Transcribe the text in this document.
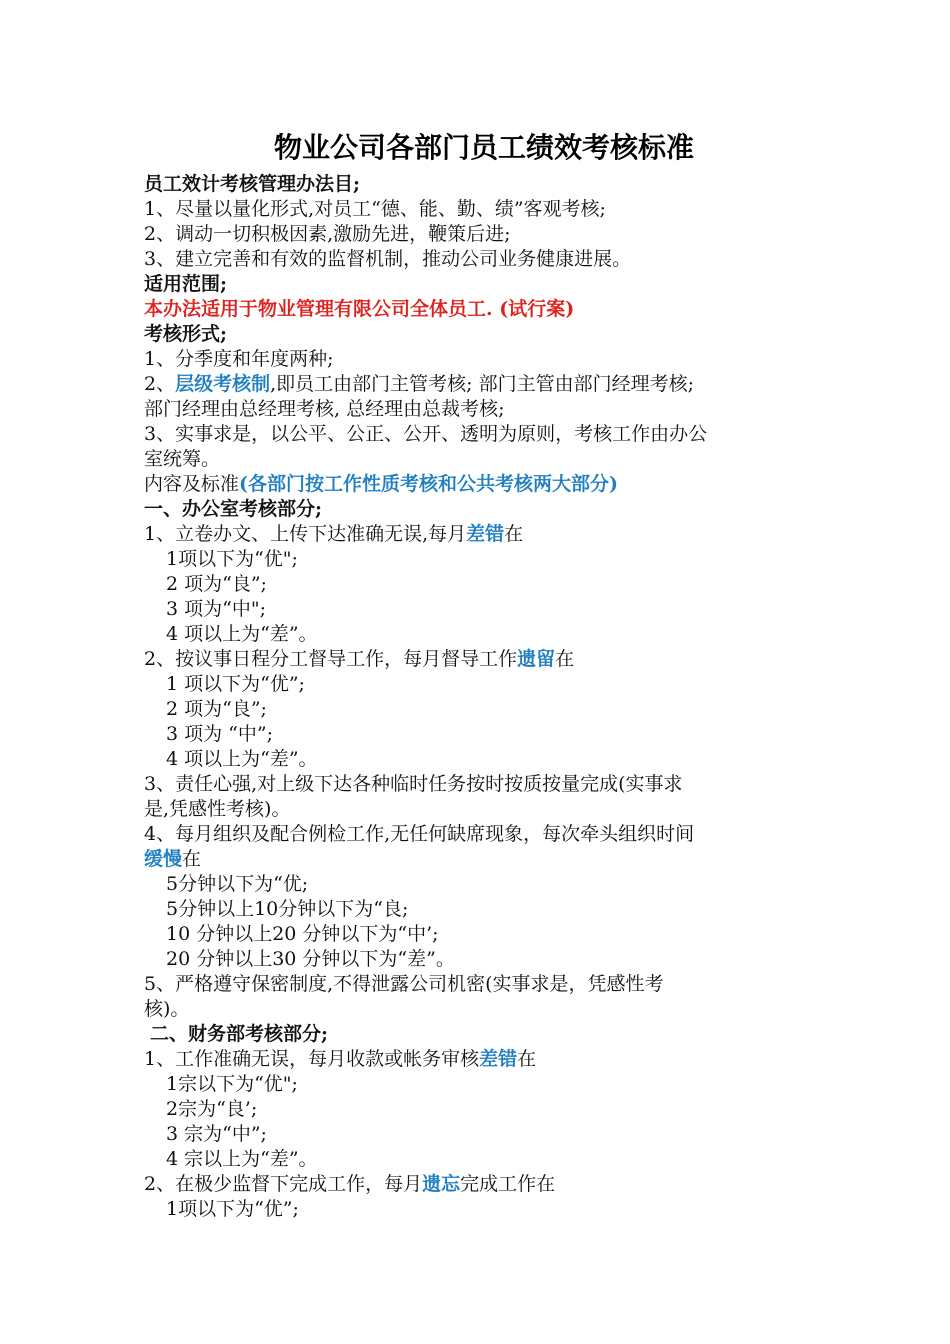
物业公司各部门员工绩效考核标准
员工效计考核管理办法目;
1、尽量以量化形式,对员工“德、能、勤、绩”客观考核;
2、调动一切积极因素,激励先进，鞭策后进;
3、建立完善和有效的监督机制，推动公司业务健康进展。
适用范围;
本办法适用于物业管理有限公司全体员工. (试行案)
考核形式;
1、分季度和年度两种;
2、层级考核制,即员工由部门主管考核; 部门主管由部门经理考核;
部门经理由总经理考核, 总经理由总裁考核;
3、实事求是，以公平、公正、公开、透明为原则，考核工作由办公
室统筹。
内容及标准(各部门按工作性质考核和公共考核两大部分)
一、办公室考核部分;
1、立卷办文、上传下达准确无误,每月差错在
1项以下为“优";
2 项为“良”;
3 项为“中";
4 项以上为“差”。
2、按议事日程分工督导工作，每月督导工作遗留在
1 项以下为“优”;
2 项为“良”;
3 项为 “中”;
4 项以上为“差”。
3、责任心强,对上级下达各种临时任务按时按质按量完成(实事求
是,凭感性考核)。
4、每月组织及配合例检工作,无任何缺席现象，每次牵头组织时间
缓慢在
5分钟以下为“优;
5分钟以上10分钟以下为“良;
10 分钟以上20 分钟以下为“中’;
20 分钟以上30 分钟以下为“差”。
5、严格遵守保密制度,不得泄露公司机密(实事求是，凭感性考
核)。
二、财务部考核部分;
1、工作准确无误，每月收款或帐务审核差错在
1宗以下为“优";
2宗为“良’;
3 宗为“中”;
4 宗以上为“差”。
2、在极少监督下完成工作，每月遗忘完成工作在
1项以下为“优”;
